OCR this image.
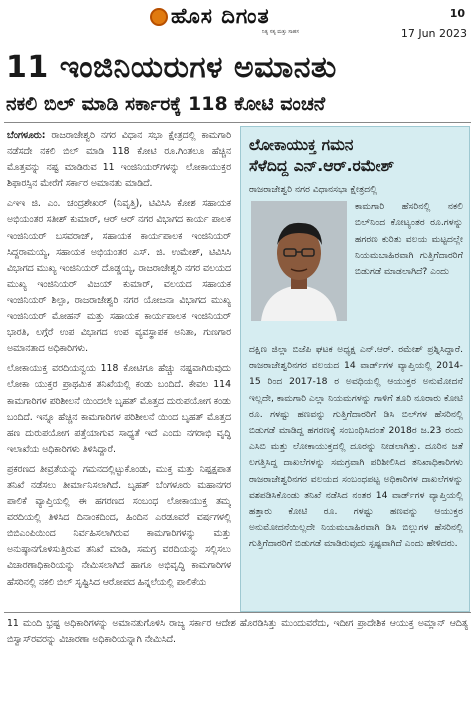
ಹೊಸ ದಿಗಂತ
ನಿತ್ಯ ಸತ್ಯ ಮತ್ತು ಸಾಹಸ
10
17 Jun 2023
11 ಇಂಜಿನಿಯರುಗಳ ಅಮಾನತು
ನಕಲಿ ಬಿಲ್ ಮಾಡಿ ಸರ್ಕಾರಕ್ಕೆ 118 ಕೋಟಿ ವಂಚನೆ

ಬೆಂಗಳೂರು: ರಾಜರಾಜೇಶ್ವರಿ ನಗರ ವಿಧಾನ ಸಭಾ ಕ್ಷೇತ್ರದಲ್ಲಿ ಕಾಮಗಾರಿ ನಡೆಸದೇ ನಕಲಿ ಬಿಲ್ ಮಾಡಿ 118 ಕೋಟಿ ರೂ.ಗಿಂತಲೂ ಹೆಚ್ಚಿನ ಮೊತ್ತವನ್ನು ನಷ್ಟ ಮಾಡಿರುವ 11 ಇಂಜಿನಿಯರ್‌ಗಳನ್ನು ಲೋಕಾಯುಕ್ತರ ಶಿಫಾರಸ್ಸಿನ ಮೇರೆಗೆ ಸರ್ಕಾರ ಅಮಾನತು ಮಾಡಿದೆ.

ಎಇಇ ಜಿ. ಎಂ. ಚಂದ್ರಶೇಖರ್ (ನಿವೃತ್ತಿ), ಟಿವಿಸಿಸಿ ಕೋಶ ಸಹಾಯಕ ಅಭಿಯಂತರ ಸತೀಶ್ ಕುಮಾರ್, ಆರ್ ಆರ್ ನಗರ ವಿಭಾಗದ ಕಾರ್ಯ ಪಾಲಕ ಇಂಜಿನಿಯರ್ ಬಸವರಾಜ್, ಸಹಾಯಕ ಕಾರ್ಯಪಾಲಕ ಇಂಜಿನಿಯರ್ ಸಿದ್ದರಾಮಯ್ಯ, ಸಹಾಯಕ ಅಭಿಯಂತರ ಎಸ್. ಜಿ. ಉಮೇಶ್, ಟಿವಿಸಿಸಿ ವಿಭಾಗದ ಮುಖ್ಯ ಇಂಜಿನಿಯರ್ ದೊಡ್ಡಯ್ಯ, ರಾಜರಾಜೇಶ್ವರಿ ನಗರ ವಲಯದ ಮುಖ್ಯ ಇಂಜಿನಿಯರ್ ವಿಜಯ್ ಕುಮಾರ್, ವಲಯದ ಸಹಾಯಕ ಇಂಜಿನಿಯರ್ ಶಿಲ್ಪಾ, ರಾಜರಾಜೇಶ್ವರಿ ನಗರ ಯೋಜನಾ ವಿಭಾಗದ ಮುಖ್ಯ ಇಂಜಿನಿಯರ್ ಮೋಹನ್ ಮತ್ತು ಸಹಾಯಕ ಕಾರ್ಯಪಾಲಕ ಇಂಜಿನಿಯರ್ ಭಾರತಿ, ಲಗ್ಗೆರೆ ಉಪ ವಿಭಾಗದ ಉಪ ವ್ಯವಸ್ಥಾಪಕ ಅನಿತಾ, ಗುಣಗಾರ ಅಮಾನತಾದ ಅಧಿಕಾರಿಗಳು.

ಲೋಕಾಯುಕ್ತ ವರದಿಯನ್ವಯ 118 ಕೋಟಿಗೂ ಹೆಚ್ಚು ನಷ್ಟವಾಗಿರುವುದು ಲೋಕಾ ಯುಕ್ತರ ಪ್ರಾಥಮಿಕ ತನಿಖೆಯಲ್ಲಿ ಕಂಡು ಬಂದಿದೆ. ಕೇವಲ 114 ಕಾಮಗಾರಿಗಳ ಪರಿಶೀಲನೆ ಯಿಂದಲೇ ಬೃಹತ್ ಮೊತ್ತದ ದುರುಪಯೋಗ ಕಂಡು ಬಂದಿದೆ. ಇನ್ನೂ ಹೆಚ್ಚಿನ ಕಾಮಗಾರಿಗಳ ಪರಿಶೀಲನೆ ಯಿಂದ ಬೃಹತ್ ಮೊತ್ತದ ಹಣ ದುರುಪಯೋಗ ಪತ್ತೆಯಾಗುವ ಸಾಧ್ಯತೆ ಇದೆ ಎಂದು ನಗರಾಭಿ ವೃದ್ಧಿ ಇಲಾಖೆಯ ಅಧಿಕಾರಿಗಳು ತಿಳಿಸಿದ್ದಾರೆ.

ಪ್ರಕರಣದ ತೀವ್ರತೆಯನ್ನು ಗಮನದಲ್ಲಿಟ್ಟುಕೊಂಡು, ಮುಕ್ತ ಮತ್ತು ನಿಷ್ಪಕ್ಷಪಾತ ತನಿಖೆ ನಡೆಸಲು ತೀರ್ಮಾನಿಸಲಾಗಿದೆ. ಬೃಹತ್ ಬೆಂಗಳೂರು ಮಹಾನಗರ ಪಾಲಿಕೆ ವ್ಯಾಪ್ತಿಯಲ್ಲಿ ಈ ಹಗರಣದ ಸಂಬಂಧ ಲೋಕಾಯುಕ್ತ ತಮ್ಮ ವರದಿಯಲ್ಲಿ ತಿಳಿಸಿದ ದಿನಾಂಕದಿಂದ, ಹಿಂದಿನ ಎರಡೂವರೆ ವರ್ಷಗಳಲ್ಲಿ ಬಿಬಿಎಂಪಿಯಿಂದ ನಿರ್ವಹಿಸಲಾಗಿರುವ ಕಾಮಗಾರಿಗಳನ್ನು ಮತ್ತು ಅನುಷ್ಠಾನಗೊಳಿಸುತ್ತಿರುವ ತನಿಖೆ ಮಾಡಿ, ಸಮಗ್ರ ವರದಿಯನ್ನು ಸಲ್ಲಿಸಲು ವಿಚಾರಣಾಧಿಕಾರಿಯನ್ನು ನೇಮಿಸಲಾಗಿದೆ ಹಾಗೂ ಅಭಿವೃದ್ಧಿ ಕಾಮಗಾರಿಗಳ ಹೆಸರಿನಲ್ಲಿ ನಕಲಿ ಬಿಲ್ ಸೃಷ್ಟಿಸಿದ ಆರೋಪದ ಹಿನ್ನಲೆಯಲ್ಲಿ ಪಾಲಿಕೆಯ

ಲೋಕಾಯುಕ್ತ ಗಮನ
ಸೆಳೆದಿದ್ದ ಎನ್.ಆರ್.ರಮೇಶ್
ರಾಜರಾಜೇಶ್ವರಿ ನಗರ ವಿಧಾನಸಭಾ ಕ್ಷೇತ್ರದಲ್ಲಿ

ಕಾಮಗಾರಿ ಹೆಸರಿನಲ್ಲಿ ನಕಲಿ ಬಿಲ್‌ನಿಂದ ಕೋಟ್ಯಂತರ ರೂ.ಗಳನ್ನು ಹಗರಣ ಕುರಿತು ವಲಯ ಮಟ್ಟದಲ್ಲೇ ನಿಯಮಬಾಹಿರವಾಗಿ ಗುತ್ತಿಗೆದಾರರಿಗೆ ಬಿಡುಗಡೆ ಮಾಡಲಾಗಿದೆ? ಎಂದು

ದಕ್ಷಿಣ ಜಿಲ್ಲಾ ಬಿಜೆಪಿ ಘಟಕ ಅಧ್ಯಕ್ಷ ಎನ್.ಆರ್. ರಮೇಶ್ ಪ್ರಶ್ನಿಸಿದ್ದಾರೆ. ರಾಜರಾಜೇಶ್ವರಿನಗರ ವಲಯದ 14 ವಾರ್ಡ್‌ಗಳ ವ್ಯಾಪ್ತಿಯಲ್ಲಿ 2014-15 ರಿಂದ 2017-18 ರ ಅವಧಿಯಲ್ಲಿ ಆಯುಕ್ತರ ಅನುಮೋದನೆ ಇಲ್ಲದೇ, ಕಾಮಗಾರಿ ಎಲ್ಲಾ ನಿಯಮಗಳನ್ನು ಗಾಳಿಗೆ ತೂರಿ ನೂರಾರು ಕೋಟಿ ರೂ. ಗಳಷ್ಟು ಹಣವನ್ನು ಗುತ್ತಿಗೆದಾರರಿಗೆ ಡಿಸಿ ಬಿಲ್‌ಗಳ ಹೆಸರಿನಲ್ಲಿ ಬಿಡುಗಡೆ ಮಾಡಿದ್ದ ಹಗರಣಕ್ಕೆ ಸಂಬಂಧಿಸಿದಂತೆ 2018ರ ಜ.23 ರಂದು ಎಸಿಬಿ ಮತ್ತು ಲೋಕಾಯುಕ್ತದಲ್ಲಿ ದೂರನ್ನು ನೀಡಲಾಗಿತ್ತು. ದೂರಿನ ಜತೆ ಲಗತ್ತಿಸಿದ್ದ ದಾಖಲೆಗಳನ್ನು ಸಮಗ್ರವಾಗಿ ಪರಿಶೀಲಿಸಿದ ತನಿಖಾಧಿಕಾರಿಗಳು ರಾಜರಾಜೇಶ್ವರಿನಗರ ವಲಯದ ಸಂಬಂಧಪಟ್ಟ ಅಧಿಕಾರಿಗಳ ದಾಖಲೆಗಳನ್ನು ವಶಪಡಿಸಿಕೊಂಡು ತನಿಖೆ ನಡೆಸಿದ ನಂತರ 14 ವಾರ್ಡ್‌ಗಳ ವ್ಯಾಪ್ತಿಯಲ್ಲಿ ಹತ್ತಾರು ಕೋಟಿ ರೂ. ಗಳಷ್ಟು ಹಣವನ್ನು ಆಯುಕ್ತರ ಅನುಮೋದನೆಯಿಲ್ಲದೇ ನಿಯಮಬಾಹಿರವಾಗಿ ಡಿಸಿ ಬಿಲ್ಲುಗಳ ಹೆಸರಿನಲ್ಲಿ ಗುತ್ತಿಗೆದಾರರಿಗೆ ಬಿಡುಗಡೆ ಮಾಡಿರುವುದು ಸ್ಪಷ್ಟವಾಗಿದೆ ಎಂದು ಹೇಳಿದರು.

11 ಮಂದಿ ಭ್ರಷ್ಟ ಅಧಿಕಾರಿಗಳನ್ನು ಅಮಾನತುಗೊಳಿಸಿ ರಾಜ್ಯ ಸರ್ಕಾರ ಆದೇಶ ಹೊರಡಿಸಿತ್ತು ಮುಂದುವರೆದು, ಇದೀಗ ಪ್ರಾದೇಶಿಕ ಆಯುಕ್ತ ಅಮ್ಲಾನ್ ಆದಿತ್ಯ ಬಿಸ್ವಾಸ್‌ರವರನ್ನು ವಿಚಾರಣಾ ಅಧಿಕಾರಿಯನ್ನಾಗಿ ನೇಮಿಸಿದೆ.
